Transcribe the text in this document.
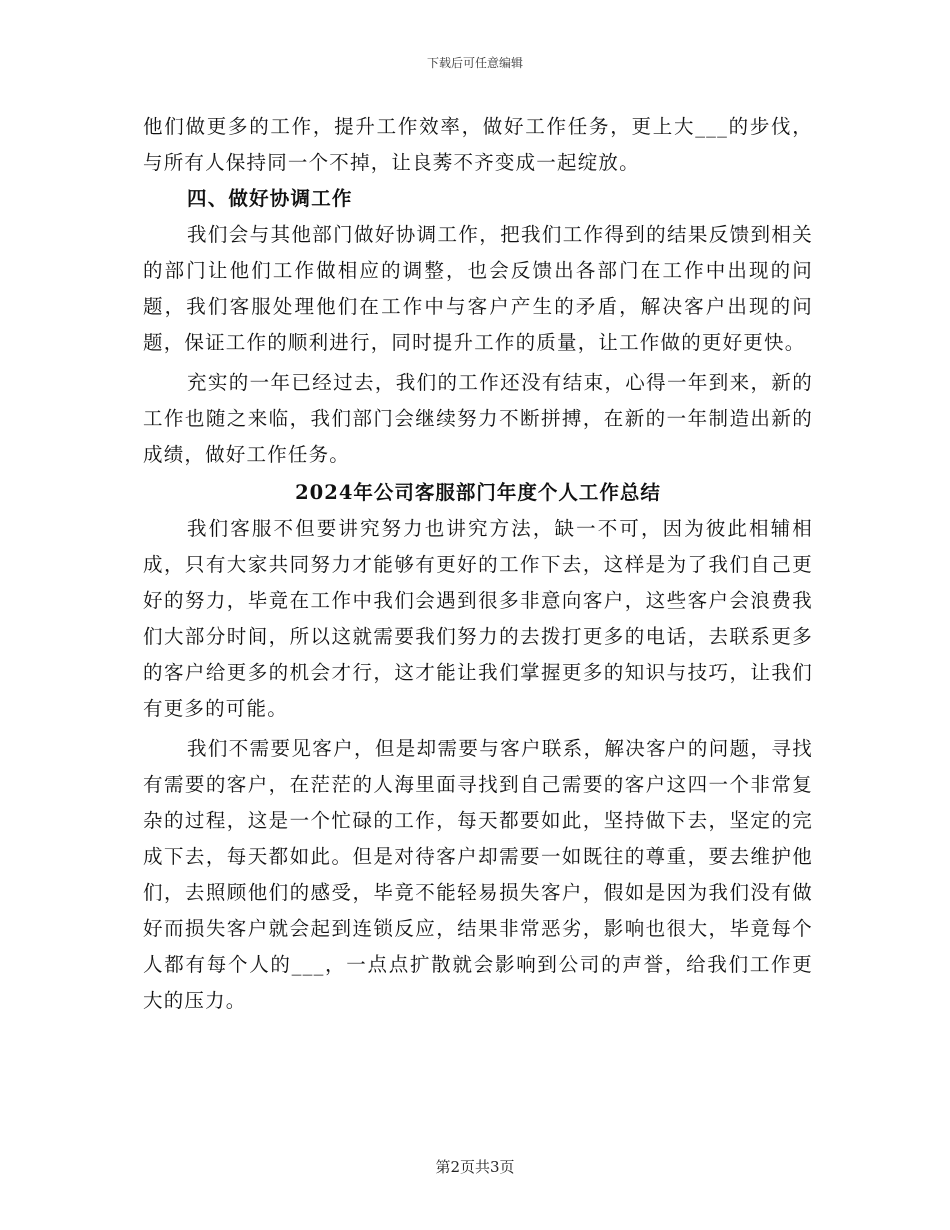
下载后可任意编辑

他们做更多的工作，提升工作效率，做好工作任务，更上大___的步伐，与所有人保持同一个不掉，让良莠不齐变成一起绽放。

四、做好协调工作

我们会与其他部门做好协调工作，把我们工作得到的结果反馈到相关的部门让他们工作做相应的调整，也会反馈出各部门在工作中出现的问题，我们客服处理他们在工作中与客户产生的矛盾，解决客户出现的问题，保证工作的顺利进行，同时提升工作的质量，让工作做的更好更快。

充实的一年已经过去，我们的工作还没有结束，心得一年到来，新的工作也随之来临，我们部门会继续努力不断拼搏，在新的一年制造出新的成绩，做好工作任务。

2024年公司客服部门年度个人工作总结

我们客服不但要讲究努力也讲究方法，缺一不可，因为彼此相辅相成，只有大家共同努力才能够有更好的工作下去，这样是为了我们自己更好的努力，毕竟在工作中我们会遇到很多非意向客户，这些客户会浪费我们大部分时间，所以这就需要我们努力的去拨打更多的电话，去联系更多的客户给更多的机会才行，这才能让我们掌握更多的知识与技巧，让我们有更多的可能。

我们不需要见客户，但是却需要与客户联系，解决客户的问题，寻找有需要的客户，在茫茫的人海里面寻找到自己需要的客户这四一个非常复杂的过程，这是一个忙碌的工作，每天都要如此，坚持做下去，坚定的完成下去，每天都如此。但是对待客户却需要一如既往的尊重，要去维护他们，去照顾他们的感受，毕竟不能轻易损失客户，假如是因为我们没有做好而损失客户就会起到连锁反应，结果非常恶劣，影响也很大，毕竟每个人都有每个人的___，一点点扩散就会影响到公司的声誉，给我们工作更大的压力。

第2页共3页
